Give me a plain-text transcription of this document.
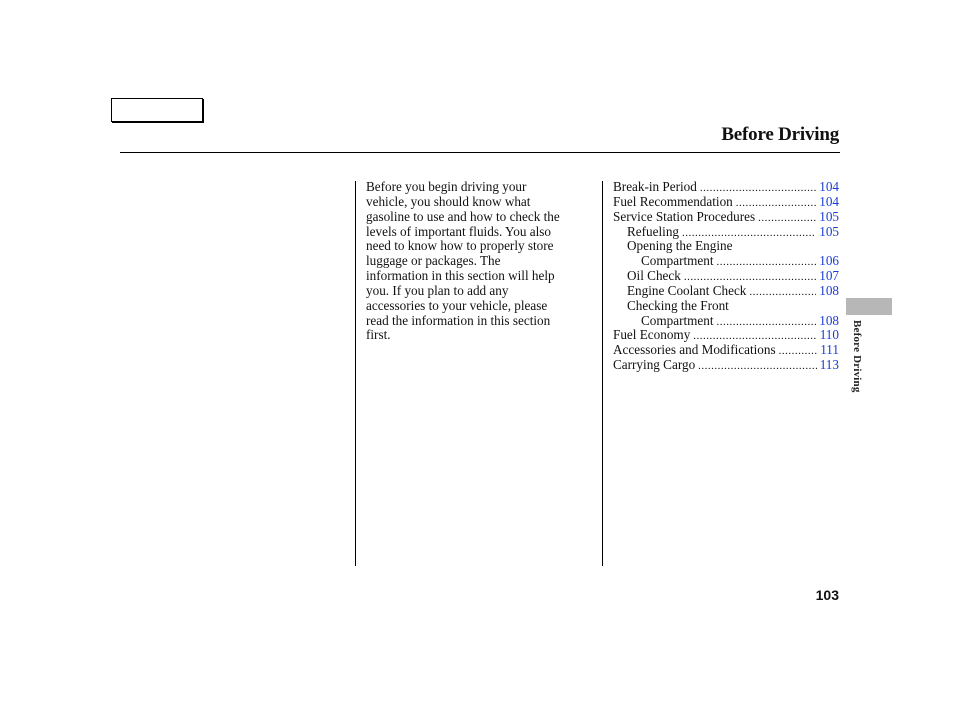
Before Driving

Before you begin driving your
vehicle, you should know what
gasoline to use and how to check the
levels of important fluids. You also
need to know how to properly store
luggage or packages. The
information in this section will help
you. If you plan to add any
accessories to your vehicle, please
read the information in this section
first.

Break-in Period .....	104
Fuel Recommendation .....	104
Service Station Procedures .....	105
Refueling .....	105
Opening the Engine
Compartment .....	106
Oil Check .....	107
Engine Coolant Check .....	108
Checking the Front
Compartment .....	108
Fuel Economy .....	110
Accessories and Modifications .....	111
Carrying Cargo .....	113	Before Driving
103
